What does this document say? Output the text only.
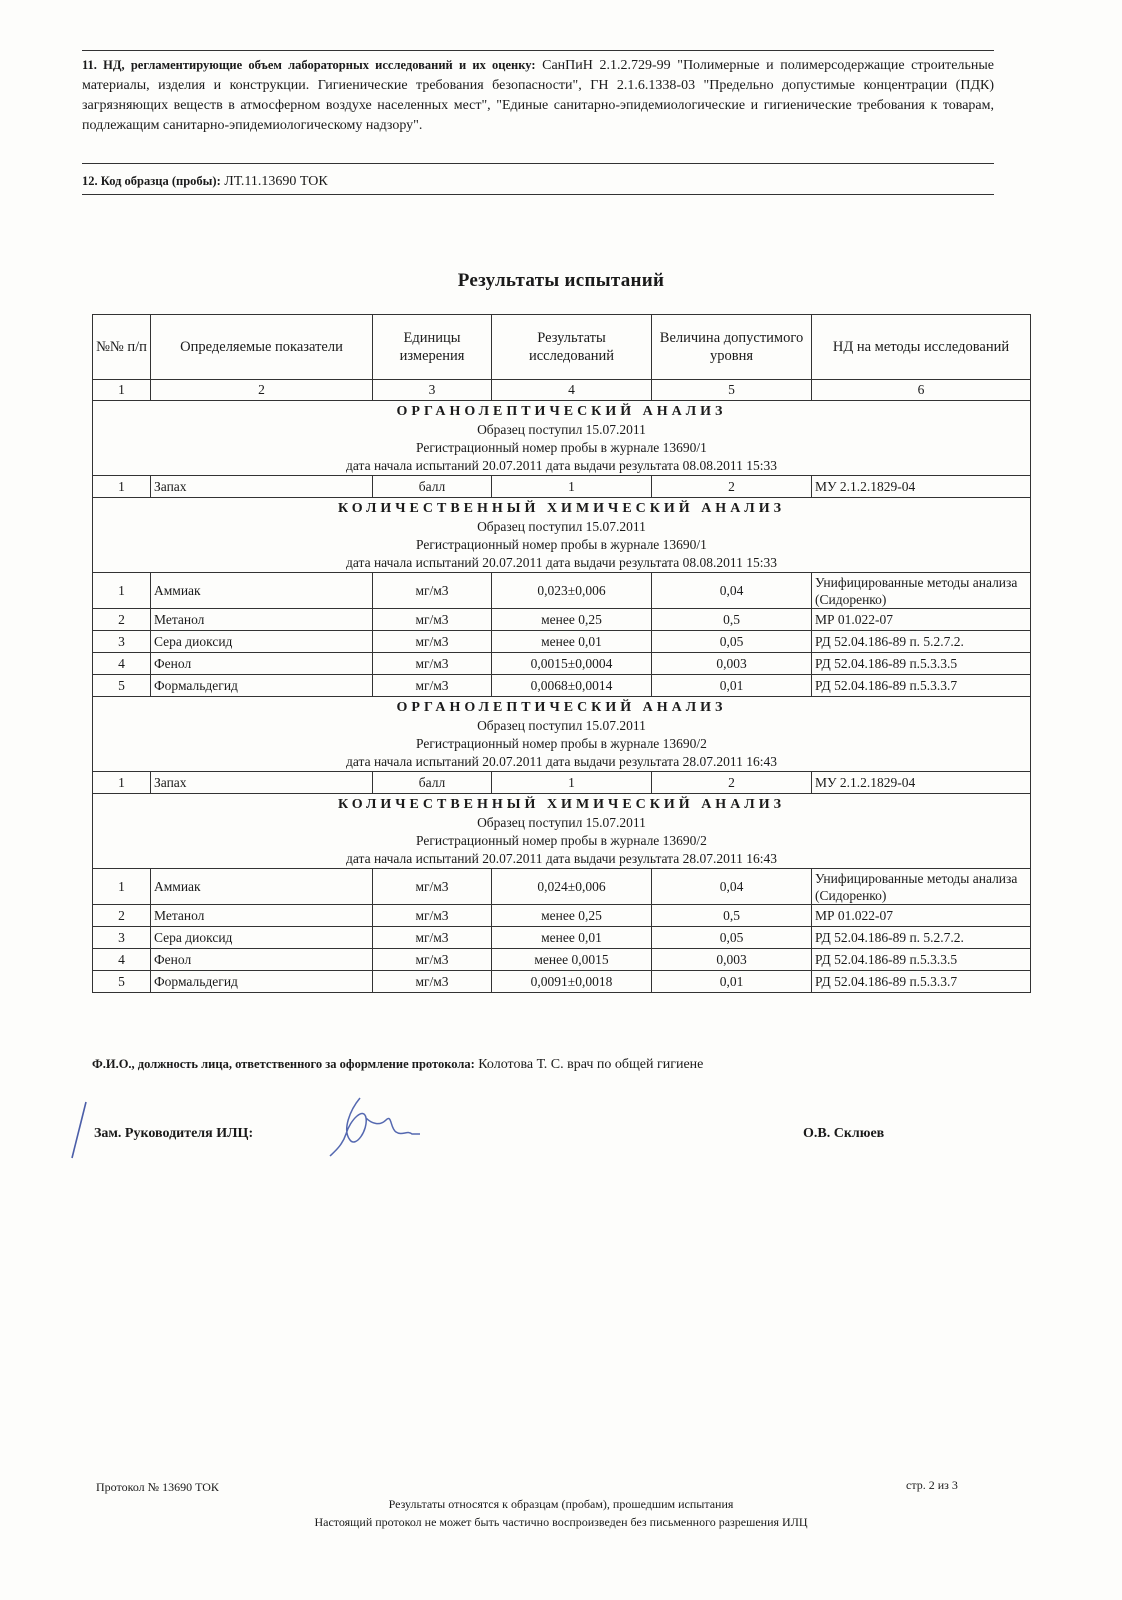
11. НД, регламентирующие объем лабораторных исследований и их оценку: СанПиН 2.1.2.729-99 "Полимерные и полимерсодержащие строительные материалы, изделия и конструкции. Гигиенические требования безопасности", ГН 2.1.6.1338-03 "Предельно допустимые концентрации (ПДК) загрязняющих веществ в атмосферном воздухе населенных мест", "Единые санитарно-эпидемиологические и гигиенические требования к товарам, подлежащим санитарно-эпидемиологическому надзору".
12. Код образца (пробы): ЛТ.11.13690 ТОК
Результаты испытаний
№№ п/п	Определяемые показатели	Единицы измерения	Результаты исследований	Величина допустимого уровня	НД на методы исследований
1	2	3	4	5	6

ОРГАНОЛЕПТИЧЕСКИЙ АНАЛИЗ
Образец поступил 15.07.2011
Регистрационный номер пробы в журнале 13690/1
дата начала испытаний 20.07.2011 дата выдачи результата 08.08.2011 15:33					

1	Запах	балл	1	2	МУ 2.1.2.1829-04

КОЛИЧЕСТВЕННЫЙ ХИМИЧЕСКИЙ АНАЛИЗ
Образец поступил 15.07.2011
Регистрационный номер пробы в журнале 13690/1
дата начала испытаний 20.07.2011 дата выдачи результата 08.08.2011 15:33					

1	Аммиак	мг/м3	0,023±0,006	0,04	Унифицированные методы анализа (Сидоренко)
2	Метанол	мг/м3	менее 0,25	0,5	МР 01.022-07
3	Сера диоксид	мг/м3	менее 0,01	0,05	РД 52.04.186-89 п. 5.2.7.2.
4	Фенол	мг/м3	0,0015±0,0004	0,003	РД 52.04.186-89 п.5.3.3.5
5	Формальдегид	мг/м3	0,0068±0,0014	0,01	РД 52.04.186-89 п.5.3.3.7

ОРГАНОЛЕПТИЧЕСКИЙ АНАЛИЗ
Образец поступил 15.07.2011
Регистрационный номер пробы в журнале 13690/2
дата начала испытаний 20.07.2011 дата выдачи результата 28.07.2011 16:43					

1	Запах	балл	1	2	МУ 2.1.2.1829-04

КОЛИЧЕСТВЕННЫЙ ХИМИЧЕСКИЙ АНАЛИЗ
Образец поступил 15.07.2011
Регистрационный номер пробы в журнале 13690/2
дата начала испытаний 20.07.2011 дата выдачи результата 28.07.2011 16:43					

1	Аммиак	мг/м3	0,024±0,006	0,04	Унифицированные методы анализа (Сидоренко)
2	Метанол	мг/м3	менее 0,25	0,5	МР 01.022-07
3	Сера диоксид	мг/м3	менее 0,01	0,05	РД 52.04.186-89 п. 5.2.7.2.
4	Фенол	мг/м3	менее 0,0015	0,003	РД 52.04.186-89 п.5.3.3.5
5	Формальдегид	мг/м3	0,0091±0,0018	0,01	РД 52.04.186-89 п.5.3.3.7
Ф.И.О., должность лица, ответственного за оформление протокола: Колотова Т. С. врач по общей гигиене
Зам. Руководителя ИЛЦ:	О.В. Склюев
Протокол № 13690 ТОК	стр. 2 из 3
Результаты относятся к образцам (пробам), прошедшим испытания
Настоящий протокол не может быть частично воспроизведен без письменного разрешения ИЛЦ
